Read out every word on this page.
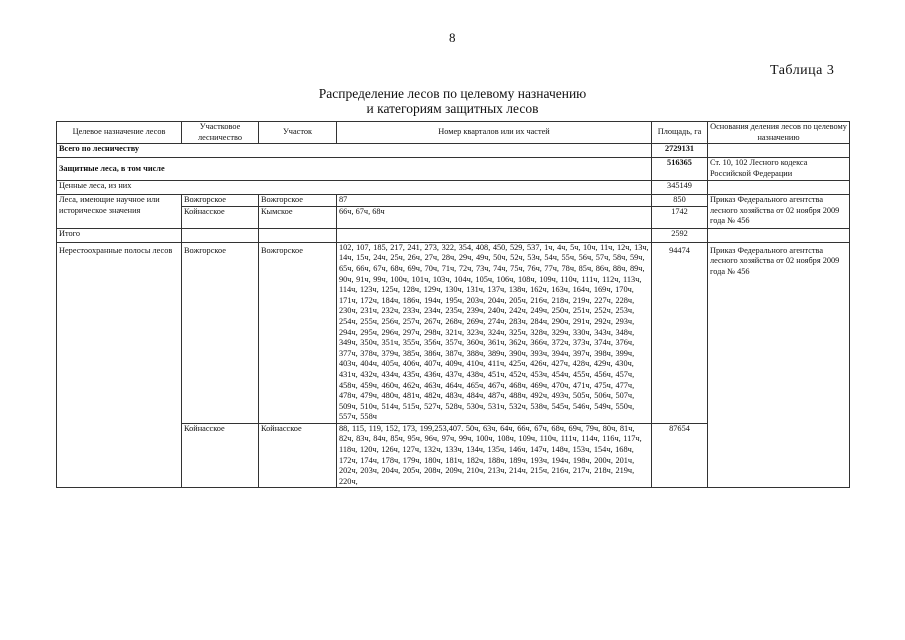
8
Таблица 3
Распределение лесов по целевому назначению
и категориям защитных лесов
Целевое назначение лесов	Участковое лесничество	Участок	Номер кварталов или их частей	Площадь, га	Основания деления лесов по целевому назначению
Всего по лесничеству				2729131	
Защитные леса, в том числе				516365	Ст. 10, 102 Лесного кодекса Российской Федерации
Ценные леса, из них				345149	
Леса, имеющие научное или историческое значения	Вожгорское	Вожгорское	87	850	Приказ Федерального агентства лесного хозяйства от 02 ноября 2009 года № 456
	Койнасское	Кымское	66ч, 67ч, 68ч	1742	
Итого				2592	
Нерестоохранные полосы лесов	Вожгорское	Вожгорское	102, 107, 185, 217, 241, 273, 322, 354, 408, 450, 529, 537, 1ч, 4ч, 5ч, 10ч, 11ч, 12ч, 13ч, 14ч, 15ч, 24ч, 25ч, 26ч, 27ч, 28ч, 29ч, 49ч, 50ч, 52ч, 53ч, 54ч, 55ч, 56ч, 57ч, 58ч, 59ч, 65ч, 66ч, 67ч, 68ч, 69ч, 70ч, 71ч, 72ч, 73ч, 74ч, 75ч, 76ч, 77ч, 78ч, 85ч, 86ч, 88ч, 89ч, 90ч, 91ч, 99ч, 100ч, 101ч, 103ч, 104ч, 105ч, 106ч, 108ч, 109ч, 110ч, 111ч, 112ч, 113ч, 114ч, 123ч, 125ч, 128ч, 129ч, 130ч, 131ч, 137ч, 138ч, 162ч, 163ч, 164ч, 169ч, 170ч, 171ч, 172ч, 184ч, 186ч, 194ч, 195ч, 203ч, 204ч, 205ч, 216ч, 218ч, 219ч, 227ч, 228ч, 230ч, 231ч, 232ч, 233ч, 234ч, 235ч, 239ч, 240ч, 242ч, 249ч, 250ч, 251ч, 252ч, 253ч, 254ч, 255ч, 256ч, 257ч, 267ч, 268ч, 269ч, 274ч, 283ч, 284ч, 290ч, 291ч, 292ч, 293ч, 294ч, 295ч, 296ч, 297ч, 298ч, 321ч, 323ч, 324ч, 325ч, 328ч, 329ч, 330ч, 343ч, 348ч, 349ч, 350ч, 351ч, 355ч, 356ч, 357ч, 360ч, 361ч, 362ч, 366ч, 372ч, 373ч, 374ч, 376ч, 377ч, 378ч, 379ч, 385ч, 386ч, 387ч, 388ч, 389ч, 390ч, 393ч, 394ч, 397ч, 398ч, 399ч, 403ч, 404ч, 405ч, 406ч, 407ч, 409ч, 410ч, 411ч, 425ч, 426ч, 427ч, 428ч, 429ч, 430ч, 431ч, 432ч, 434ч, 435ч, 436ч, 437ч, 438ч, 451ч, 452ч, 453ч, 454ч, 455ч, 456ч, 457ч, 458ч, 459ч, 460ч, 462ч, 463ч, 464ч, 465ч, 467ч, 468ч, 469ч, 470ч, 471ч, 475ч, 477ч, 478ч, 479ч, 480ч, 481ч, 482ч, 483ч, 484ч, 487ч, 488ч, 492ч, 493ч, 505ч, 506ч, 507ч, 509ч, 510ч, 514ч, 515ч, 527ч, 528ч, 530ч, 531ч, 532ч, 538ч, 545ч, 546ч, 549ч, 550ч, 557ч, 558ч	94474	Приказ Федерального агентства лесного хозяйства от 02 ноября 2009 года № 456
	Койнасское	Койнасское	88, 115, 119, 152, 173, 199,253,407. 50ч, 63ч, 64ч, 66ч, 67ч, 68ч, 69ч, 79ч, 80ч, 81ч, 82ч, 83ч, 84ч, 85ч, 95ч, 96ч, 97ч, 99ч, 100ч, 108ч, 109ч, 110ч, 111ч, 114ч, 116ч, 117ч, 118ч, 120ч, 126ч, 127ч, 132ч, 133ч, 134ч, 135ч, 146ч, 147ч, 148ч, 153ч, 154ч, 168ч, 172ч, 174ч, 178ч, 179ч, 180ч, 181ч, 182ч, 188ч, 189ч, 193ч, 194ч, 198ч, 200ч, 201ч, 202ч, 203ч, 204ч, 205ч, 208ч, 209ч, 210ч, 213ч, 214ч, 215ч, 216ч, 217ч, 218ч, 219ч, 220ч,	87654	
